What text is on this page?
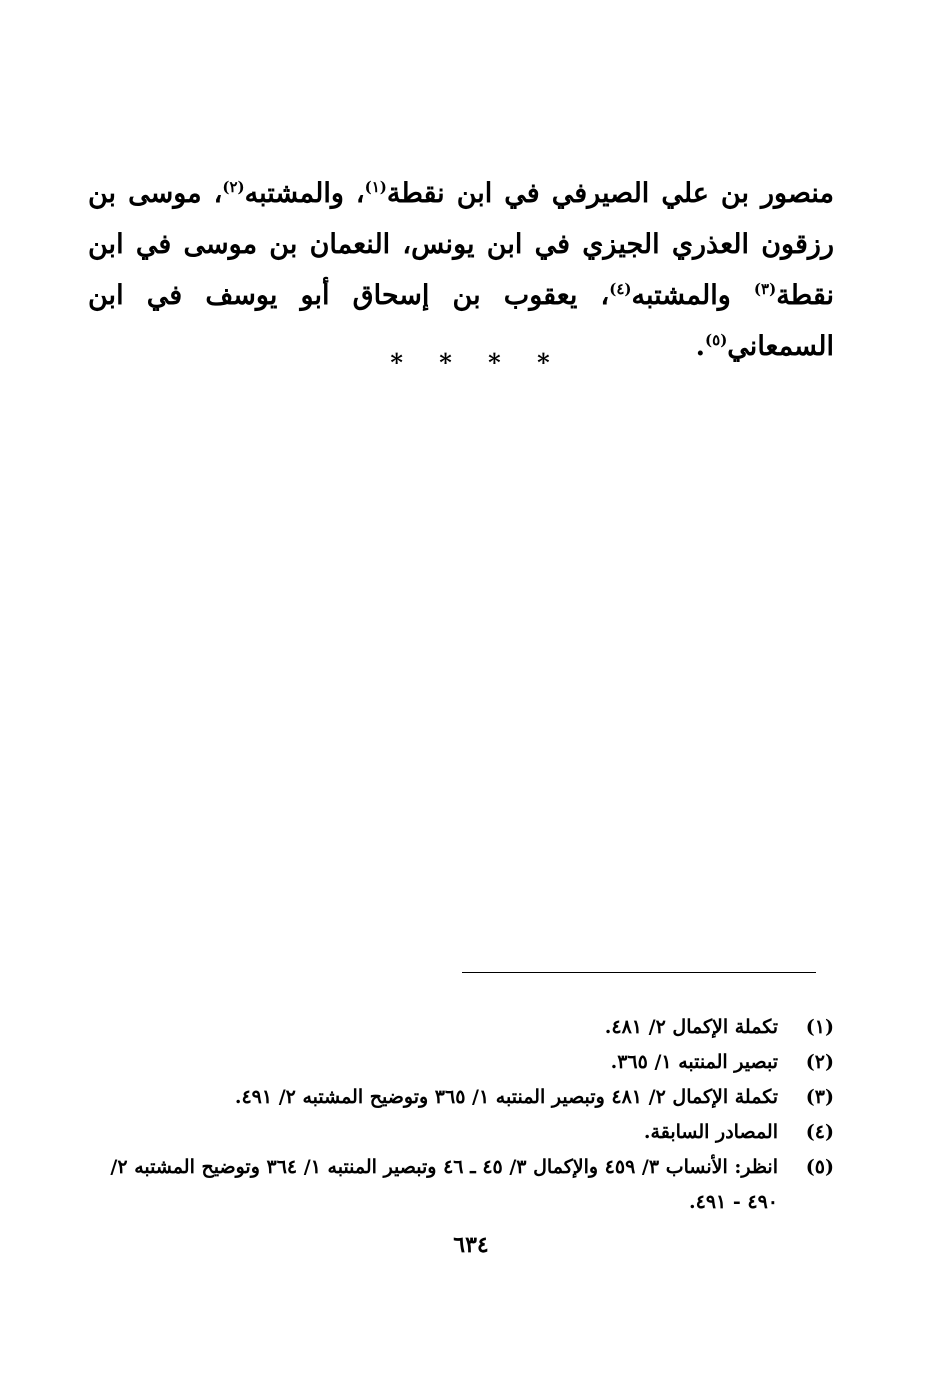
منصور بن علي الصيرفي في ابن نقطة$^{(١)}$، والمشتبه$^{(٢)}$، موسى بن رزقون العذري الجيزي في ابن يونس، النعمان بن موسى في ابن نقطة$^{(٣)}$ والمشتبه$^{(٤)}$، يعقوب بن إسحاق أبو يوسف في ابن السمعاني$^{(٥)}$.
* * * *
(١)
تكملة الإكمال ٢/ ٤٨١.
(٢)
تبصير المنتبه ١/ ٣٦٥.
(٣)
تكملة الإكمال ٢/ ٤٨١ وتبصير المنتبه ١/ ٣٦٥ وتوضيح المشتبه ٢/ ٤٩١.
(٤)
المصادر السابقة.
(٥)
انظر: الأنساب ٣/ ٤٥٩ والإكمال ٣/ ٤٥ ـ ٤٦ وتبصير المنتبه ١/ ٣٦٤ وتوضيح المشتبه ٢/ ٤٩٠ - ٤٩١.
٦٣٤
